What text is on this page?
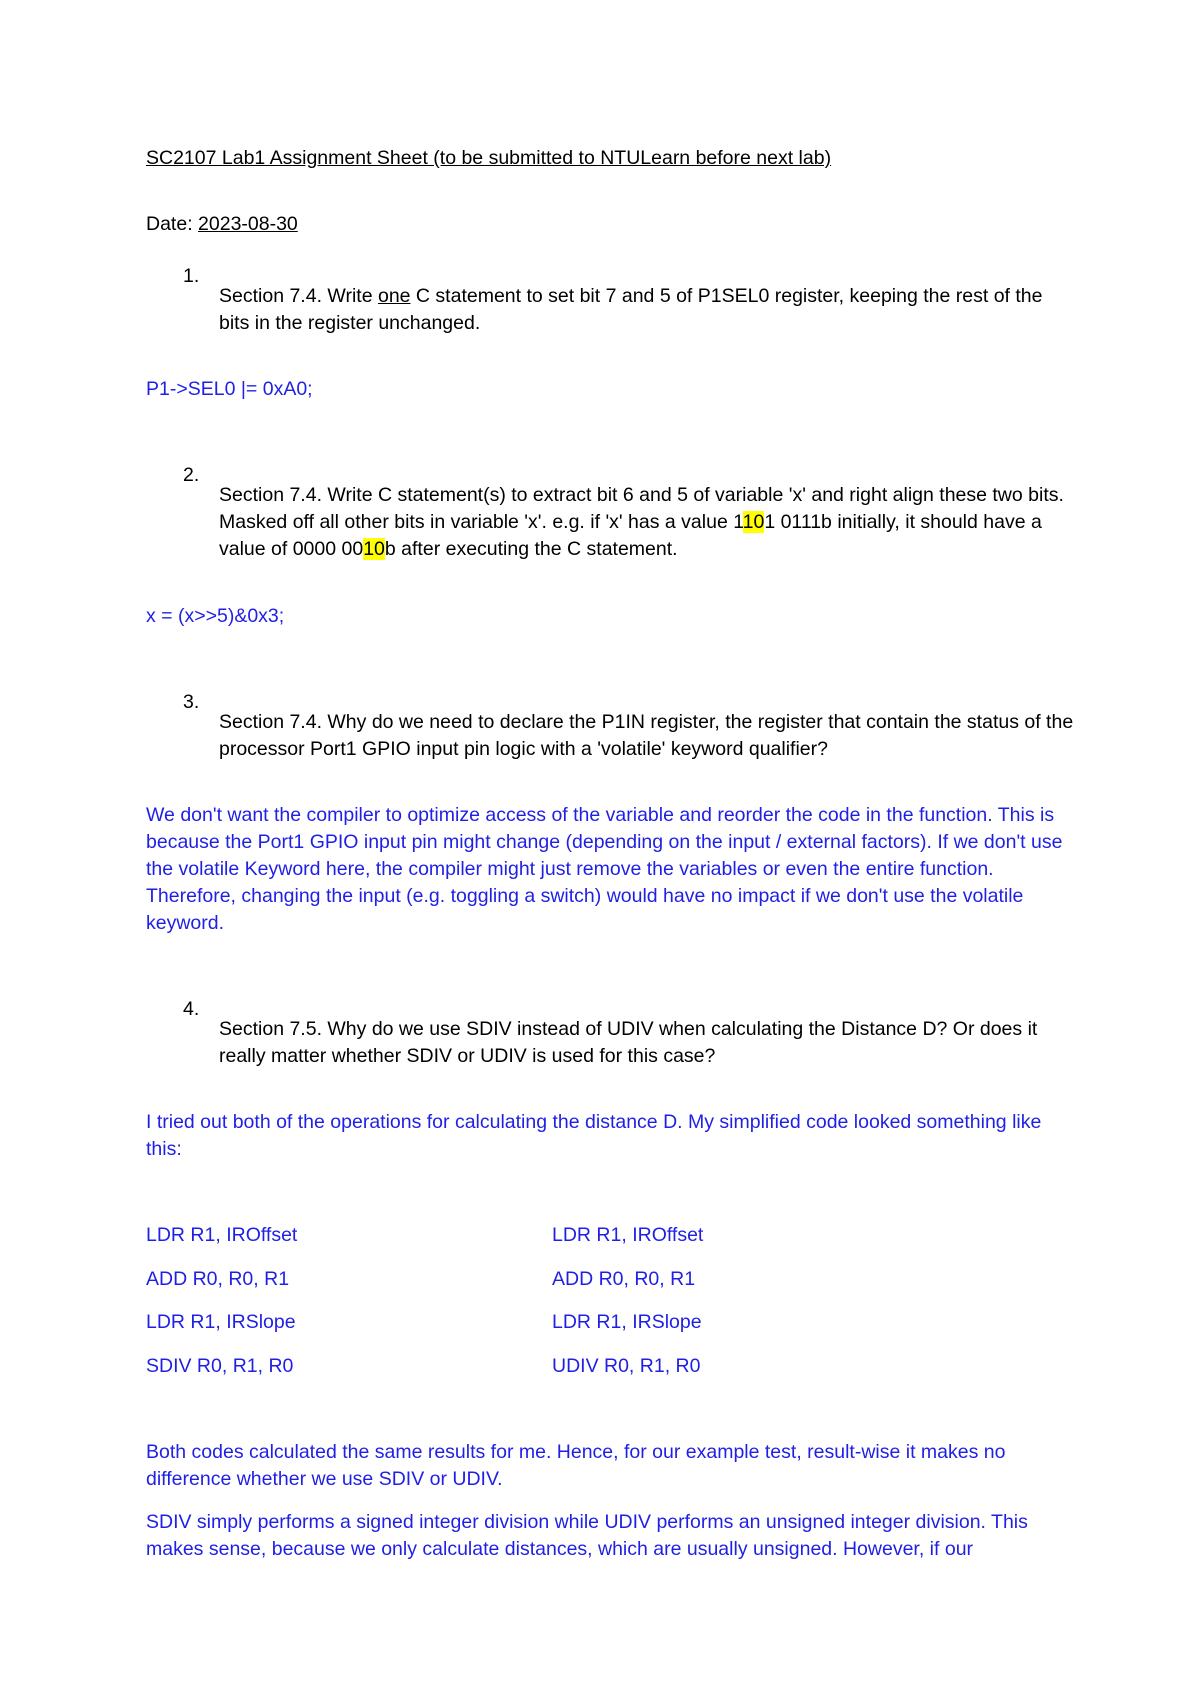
SC2107 Lab1 Assignment Sheet (to be submitted to NTULearn before next lab)

Date: 2023-08-30

1.

Section 7.4. Write one C statement to set bit 7 and 5 of P1SEL0 register, keeping the rest of the bits in the register unchanged.

P1->SEL0 |= 0xA0;

2.

Section 7.4. Write C statement(s) to extract bit 6 and 5 of variable 'x' and right align these two bits. Masked off all other bits in variable 'x'. e.g. if 'x' has a value 1101 0111b initially, it should have a value of 0000 0010b after executing the C statement.

x = (x>>5)&0x3;

3.

Section 7.4. Why do we need to declare the P1IN register, the register that contain the status of the processor Port1 GPIO input pin logic with a 'volatile' keyword qualifier?

We don't want the compiler to optimize access of the variable and reorder the code in the function. This is because the Port1 GPIO input pin might change (depending on the input / external factors). If we don't use the volatile Keyword here, the compiler might just remove the variables or even the entire function. Therefore, changing the input (e.g. toggling a switch) would have no impact if we don't use the volatile keyword.

4.

Section 7.5. Why do we use SDIV instead of UDIV when calculating the Distance D? Or does it really matter whether SDIV or UDIV is used for this case?

I tried out both of the operations for calculating the distance D. My simplified code looked something like this:

LDR R1, IROffset
ADD R0, R0, R1
LDR R1, IRSlope
SDIV R0, R1, R0
LDR R1, IROffset
ADD R0, R0, R1
LDR R1, IRSlope
UDIV R0, R1, R0

Both codes calculated the same results for me. Hence, for our example test, result-wise it makes no difference whether we use SDIV or UDIV.

SDIV simply performs a signed integer division while UDIV performs an unsigned integer division. This makes sense, because we only calculate distances, which are usually unsigned. However, if our
